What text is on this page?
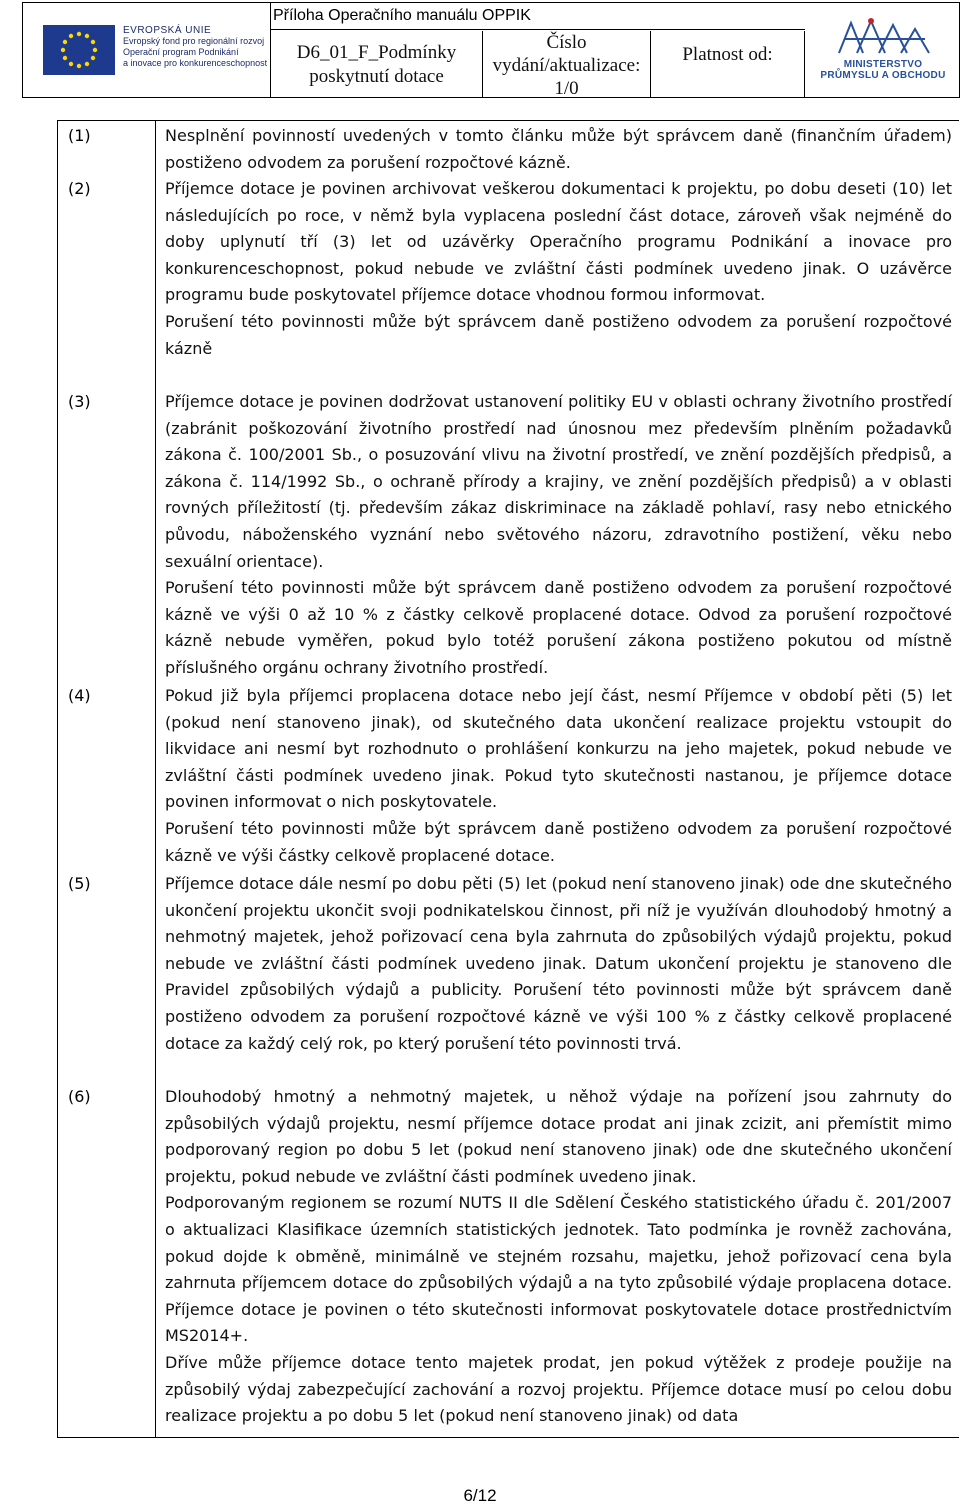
EVROPSKÁ UNIE
Evropský fond pro regionální rozvoj
Operační program Podnikání
a inovace pro konkurenceschopnost
Příloha Operačního manuálu OPPIK
D6_01_F_Podmínky
poskytnutí dotace
Číslo
vydání/aktualizace:
1/0
Platnost od:	MINISTERSTVO
PRŮMYSLU A OBCHODU
(1)	Nesplnění povinností uvedených v tomto článku může být správcem daně (finančním úřadem) postiženo odvodem za porušení rozpočtové kázně.

(2)	Příjemce dotace je povinen archivovat veškerou dokumentaci k projektu, po dobu deseti (10) let následujících po roce, v němž byla vyplacena poslední část dotace, zároveň však nejméně do doby uplynutí tří (3) let od uzávěrky Operačního programu Podnikání a inovace pro konkurenceschopnost, pokud nebude ve zvláštní části podmínek uvedeno jinak. O uzávěrce programu bude poskytovatel příjemce dotace vhodnou formou informovat.

Porušení této povinnosti může být správcem daně postiženo odvodem za porušení rozpočtové kázně

(3)	Příjemce dotace je povinen dodržovat ustanovení politiky EU v oblasti ochrany životního prostředí (zabránit poškozování životního prostředí nad únosnou mez především plněním požadavků zákona č. 100/2001 Sb., o posuzování vlivu na životní prostředí, ve znění pozdějších předpisů, a zákona č. 114/1992 Sb., o ochraně přírody a krajiny, ve znění pozdějších předpisů) a v oblasti rovných příležitostí (tj. především zákaz diskriminace na základě pohlaví, rasy nebo etnického původu, náboženského vyznání nebo světového názoru, zdravotního postižení, věku nebo sexuální orientace).

Porušení této povinnosti může být správcem daně postiženo odvodem za porušení rozpočtové kázně ve výši 0 až 10 % z částky celkově proplacené dotace. Odvod za porušení rozpočtové kázně nebude vyměřen, pokud bylo totéž porušení zákona postiženo pokutou od místně příslušného orgánu ochrany životního prostředí.

(4)	Pokud již byla příjemci proplacena dotace nebo její část, nesmí Příjemce v období pěti (5) let (pokud není stanoveno jinak), od skutečného data ukončení realizace projektu vstoupit do likvidace ani nesmí byt rozhodnuto o prohlášení konkurzu na jeho majetek, pokud nebude ve zvláštní části podmínek uvedeno jinak. Pokud tyto skutečnosti nastanou, je příjemce dotace povinen informovat o nich poskytovatele.

Porušení této povinnosti může být správcem daně postiženo odvodem za porušení rozpočtové kázně ve výši částky celkově proplacené dotace.

(5)	Příjemce dotace dále nesmí po dobu pěti (5) let (pokud není stanoveno jinak) ode dne skutečného ukončení projektu ukončit svoji podnikatelskou činnost, při níž je využíván dlouhodobý hmotný a nehmotný majetek, jehož pořizovací cena byla zahrnuta do způsobilých výdajů projektu, pokud nebude ve zvláštní části podmínek uvedeno jinak. Datum ukončení projektu je stanoveno dle Pravidel způsobilých výdajů a publicity. Porušení této povinnosti může být správcem daně postiženo odvodem za porušení rozpočtové kázně ve výši 100 % z částky celkově proplacené dotace za každý celý rok, po který porušení této povinnosti trvá.

(6)	Dlouhodobý hmotný a nehmotný majetek, u něhož výdaje na pořízení jsou zahrnuty do způsobilých výdajů projektu, nesmí příjemce dotace prodat ani jinak zcizit, ani přemístit mimo podporovaný region po dobu 5 let (pokud není stanoveno jinak) ode dne skutečného ukončení projektu, pokud nebude ve zvláštní části podmínek uvedeno jinak.

Podporovaným regionem se rozumí NUTS II dle Sdělení Českého statistického úřadu č. 201/2007 o aktualizaci Klasifikace územních statistických jednotek. Tato podmínka je rovněž zachována, pokud dojde k obměně, minimálně ve stejném rozsahu, majetku, jehož pořizovací cena byla zahrnuta příjemcem dotace do způsobilých výdajů a na tyto způsobilé výdaje proplacena dotace. Příjemce dotace je povinen o této skutečnosti informovat poskytovatele dotace prostřednictvím MS2014+.

Dříve může příjemce dotace tento majetek prodat, jen pokud výtěžek z prodeje použije na způsobilý výdaj zabezpečující zachování a rozvoj projektu. Příjemce dotace musí po celou dobu realizace projektu a po dobu 5 let (pokud není stanoveno jinak) od data

6/12
